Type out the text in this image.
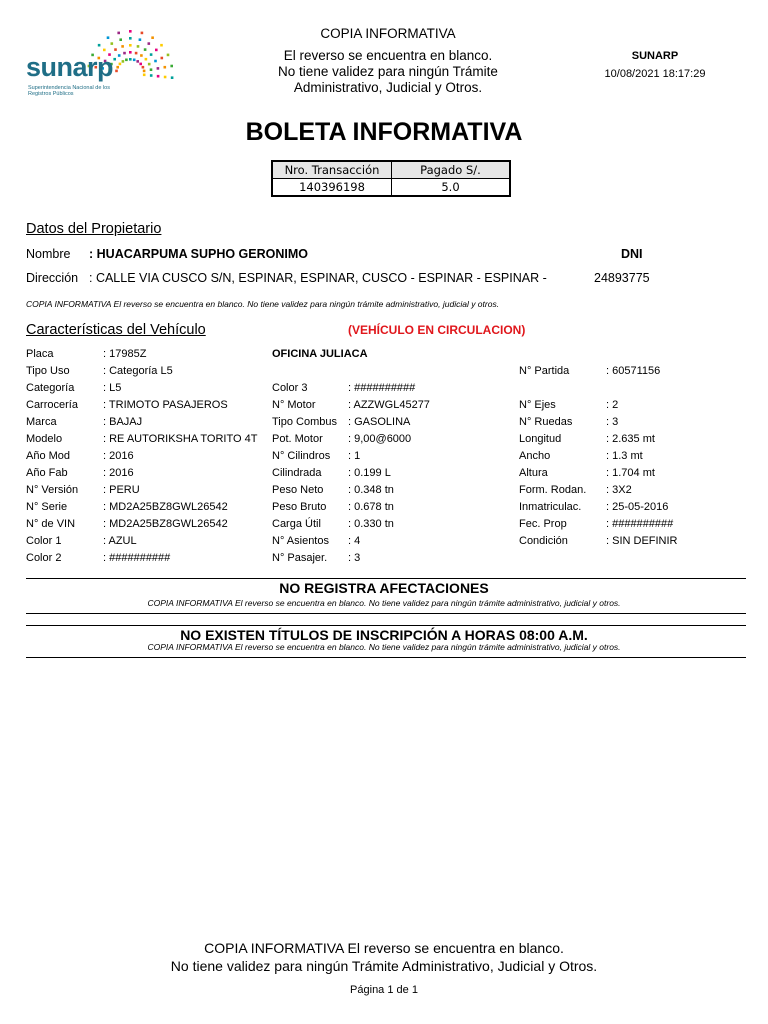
sunarp
Superintendencia Nacional de los Registros Públicos
COPIA INFORMATIVA
El reverso se encuentra en blanco.
No tiene validez para ningún Trámite
Administrativo, Judicial y Otros.
SUNARP
10/08/2021 18:17:29
BOLETA INFORMATIVA
Nro. Transacción	Pagado S/.
140396198	5.0
Datos del Propietario
Nombre : HUACARPUMA SUPHO GERONIMO	DNI
Dirección : CALLE VIA CUSCO S/N, ESPINAR, ESPINAR, CUSCO - ESPINAR - ESPINAR -	24893775
COPIA INFORMATIVA El reverso se encuentra en blanco. No tiene validez para ningún trámite administrativo, judicial y otros.
Características del Vehículo	(VEHÍCULO EN CIRCULACION)
OFICINA JULIACA
Placa	: 17985Z
Tipo Uso	: Categoría L5
Categoría	: L5
Carrocería : TRIMOTO PASAJEROS
Marca	: BAJAJ
Modelo	: RE AUTORIKSHA TORITO 4T
Año Mod	: 2016
Año Fab	: 2016
N° Versión : PERU
N° Serie	: MD2A25BZ8GWL26542
N° de VIN	: MD2A25BZ8GWL26542
Color 1	: AZUL
Color 2	: ##########
Color 3	: ##########
N° Motor	: AZZWGL45277
Tipo Combus : GASOLINA
Pot. Motor : 9,00@6000
N° Cilindros : 1
Cilindrada : 0.199 L
Peso Neto : 0.348 tn
Peso Bruto : 0.678 tn
Carga Útil : 0.330 tn
N° Asientos : 4
N° Pasajer. : 3
N° Partida	: 60571156
N° Ejes	: 2
N° Ruedas	: 3
Longitud	: 2.635 mt
Ancho	: 1.3 mt
Altura	: 1.704 mt
Form. Rodan. : 3X2
Inmatriculac. : 25-05-2016
Fec. Prop	: ##########
Condición	: SIN DEFINIR
NO REGISTRA AFECTACIONES
COPIA INFORMATIVA El reverso se encuentra en blanco. No tiene validez para ningún trámite administrativo, judicial y otros.
NO EXISTEN TÍTULOS DE INSCRIPCIÓN A HORAS 08:00 A.M.
COPIA INFORMATIVA El reverso se encuentra en blanco. No tiene validez para ningún trámite administrativo, judicial y otros.
COPIA INFORMATIVA El reverso se encuentra en blanco.
No tiene validez para ningún Trámite Administrativo, Judicial y Otros.
Página 1 de 1
